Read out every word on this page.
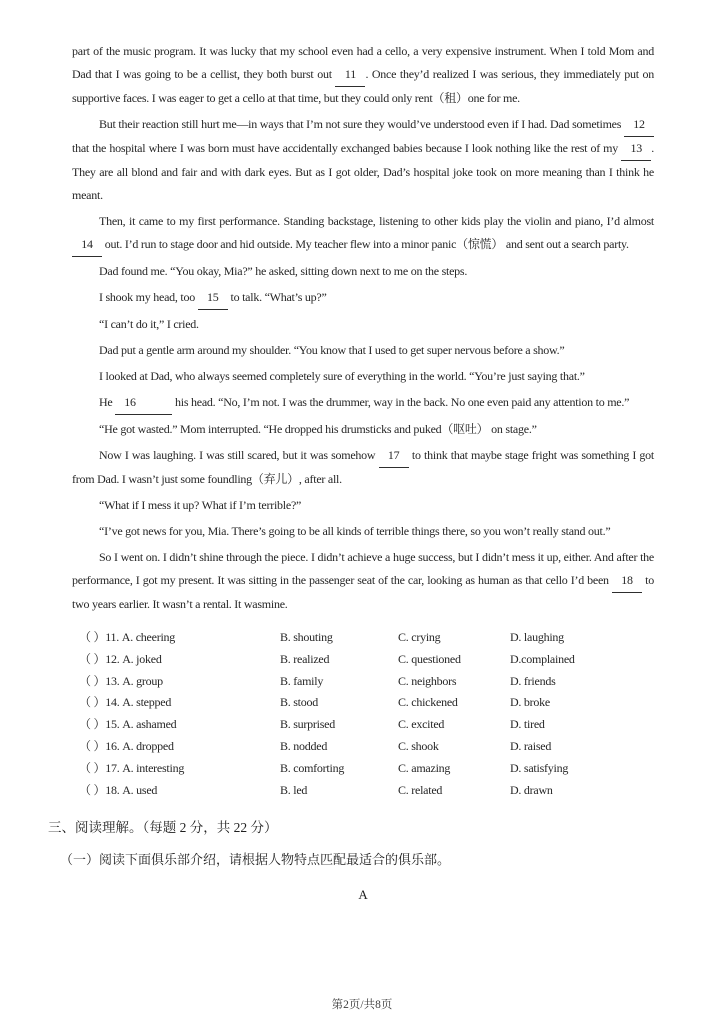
part of the music program. It was lucky that my school even had a cello, a very expensive instrument. When I told Mom and Dad that I was going to be a cellist, they both burst out 11 . Once they’d realized I was serious, they immediately put on supportive faces. I was eager to get a cello at that time, but they could only rent（租）one for me.

But their reaction still hurt me—in ways that I’m not sure they would’ve understood even if I had. Dad sometimes 12 that the hospital where I was born must have accidentally exchanged babies because I look nothing like the rest of my 13 . They are all blond and fair and with dark eyes. But as I got older, Dad’s hospital joke took on more meaning than I think he meant.

Then, it came to my first performance. Standing backstage, listening to other kids play the violin and piano, I’d almost 14 out. I’d run to stage door and hid outside. My teacher flew into a minor panic（惊慌） and sent out a search party.

Dad found me. “You okay, Mia?” he asked, sitting down next to me on the steps.

I shook my head, too 15 to talk. “What’s up?”

“I can’t do it,” I cried.

Dad put a gentle arm around my shoulder. “You know that I used to get super nervous before a show.”

I looked at Dad, who always seemed completely sure of everything in the world. “You’re just saying that.”

He 16	his head. “No, I’m not. I was the drummer, way in the back. No one even paid any attention to me.”

“He got wasted.” Mom interrupted. “He dropped his drumsticks and puked（呕吐） on stage.”

Now I was laughing. I was still scared, but it was somehow 17 to think that maybe stage fright was something I got from Dad. I wasn’t just some foundling（弃儿）, after all.

“What if I mess it up? What if I’m terrible?”

“I’ve got news for you, Mia. There’s going to be all kinds of terrible things there, so you won’t really stand out.”

So I went on. I didn’t shine through the piece. I didn’t achieve a huge success, but I didn’t mess it up, either. And after the performance, I got my present. It was sitting in the passenger seat of the car, looking as human as that cello I’d been 18 to two years earlier. It wasn’t a rental. It wasmine.

（ ）11. A. cheering	B. shouting	C. crying	D. laughing
（ ）12. A. joked	B. realized	C. questioned	D.complained
（ ）13. A. group	B. family	C. neighbors	D. friends
（ ）14. A. stepped	B. stood	C. chickened	D. broke
（ ）15. A. ashamed	B. surprised	C. excited	D. tired
（ ）16. A. dropped	B. nodded	C. shook	D. raised
（ ）17. A. interesting	B. comforting	C. amazing	D. satisfying
（ ）18. A. used	B. led	C. related	D. drawn
三、阅读理解。（每题 2 分，共 22 分）
（一）阅读下面俱乐部介绍，请根据人物特点匹配最适合的俱乐部。
A
第2页/共8页
